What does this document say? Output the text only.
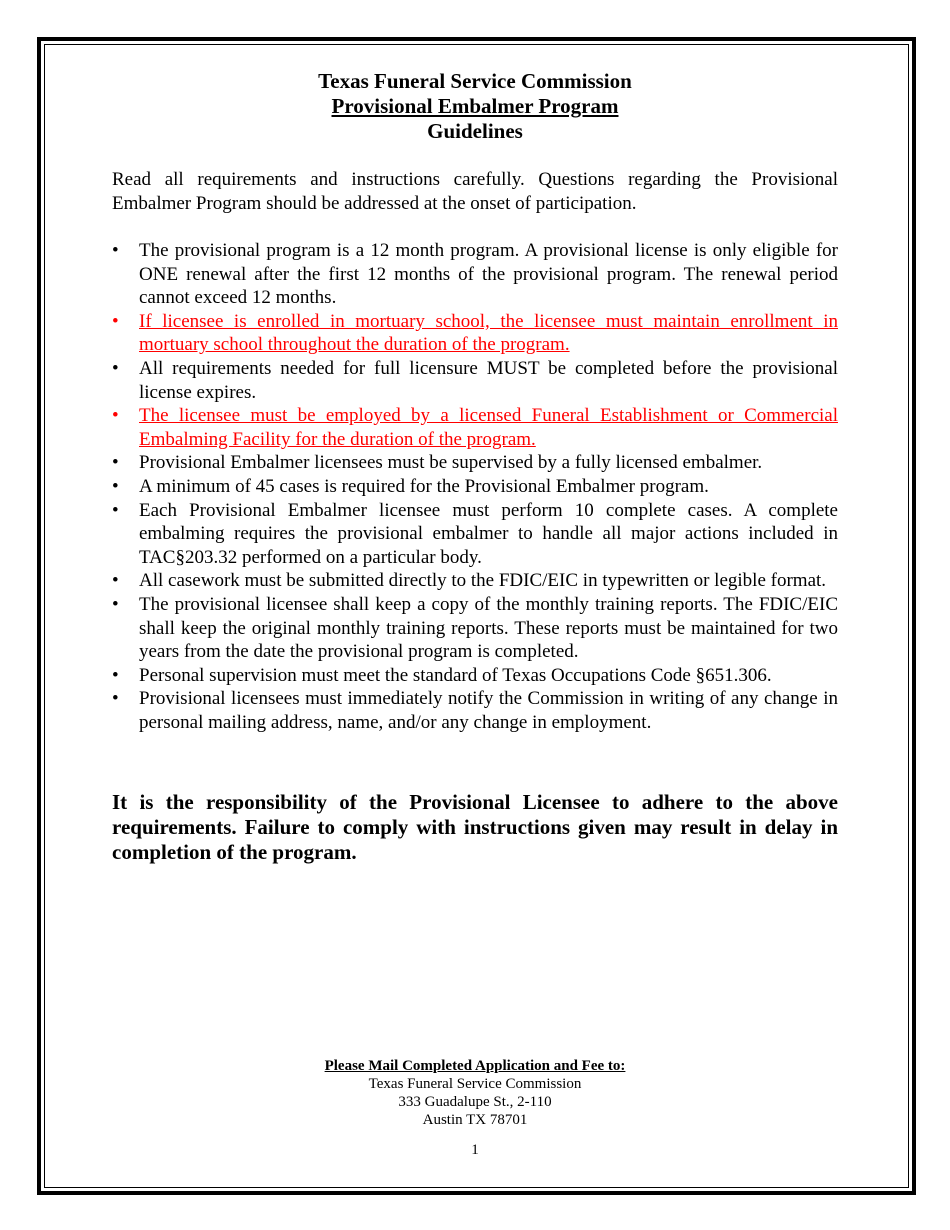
Texas Funeral Service Commission
Provisional Embalmer Program
Guidelines

Read all requirements and instructions carefully. Questions regarding the Provisional Embalmer Program should be addressed at the onset of participation.

•	The provisional program is a 12 month program. A provisional license is only eligible for ONE renewal after the first 12 months of the provisional program. The renewal period cannot exceed 12 months.
•	If licensee is enrolled in mortuary school, the licensee must maintain enrollment in mortuary school throughout the duration of the program.
•	All requirements needed for full licensure MUST be completed before the provisional license expires.
•	The licensee must be employed by a licensed Funeral Establishment or Commercial Embalming Facility for the duration of the program.
•	Provisional Embalmer licensees must be supervised by a fully licensed embalmer.
•	A minimum of 45 cases is required for the Provisional Embalmer program.
•	Each Provisional Embalmer licensee must perform 10 complete cases. A complete embalming requires the provisional embalmer to handle all major actions included in TAC§203.32 performed on a particular body.
•	All casework must be submitted directly to the FDIC/EIC in typewritten or legible format.
•	The provisional licensee shall keep a copy of the monthly training reports. The FDIC/EIC shall keep the original monthly training reports. These reports must be maintained for two years from the date the provisional program is completed.
•	Personal supervision must meet the standard of Texas Occupations Code §651.306.
•	Provisional licensees must immediately notify the Commission in writing of any change in personal mailing address, name, and/or any change in employment.

It is the responsibility of the Provisional Licensee to adhere to the above requirements. Failure to comply with instructions given may result in delay in completion of the program.

Please Mail Completed Application and Fee to:
Texas Funeral Service Commission
333 Guadalupe St., 2-110
Austin TX 78701
1
